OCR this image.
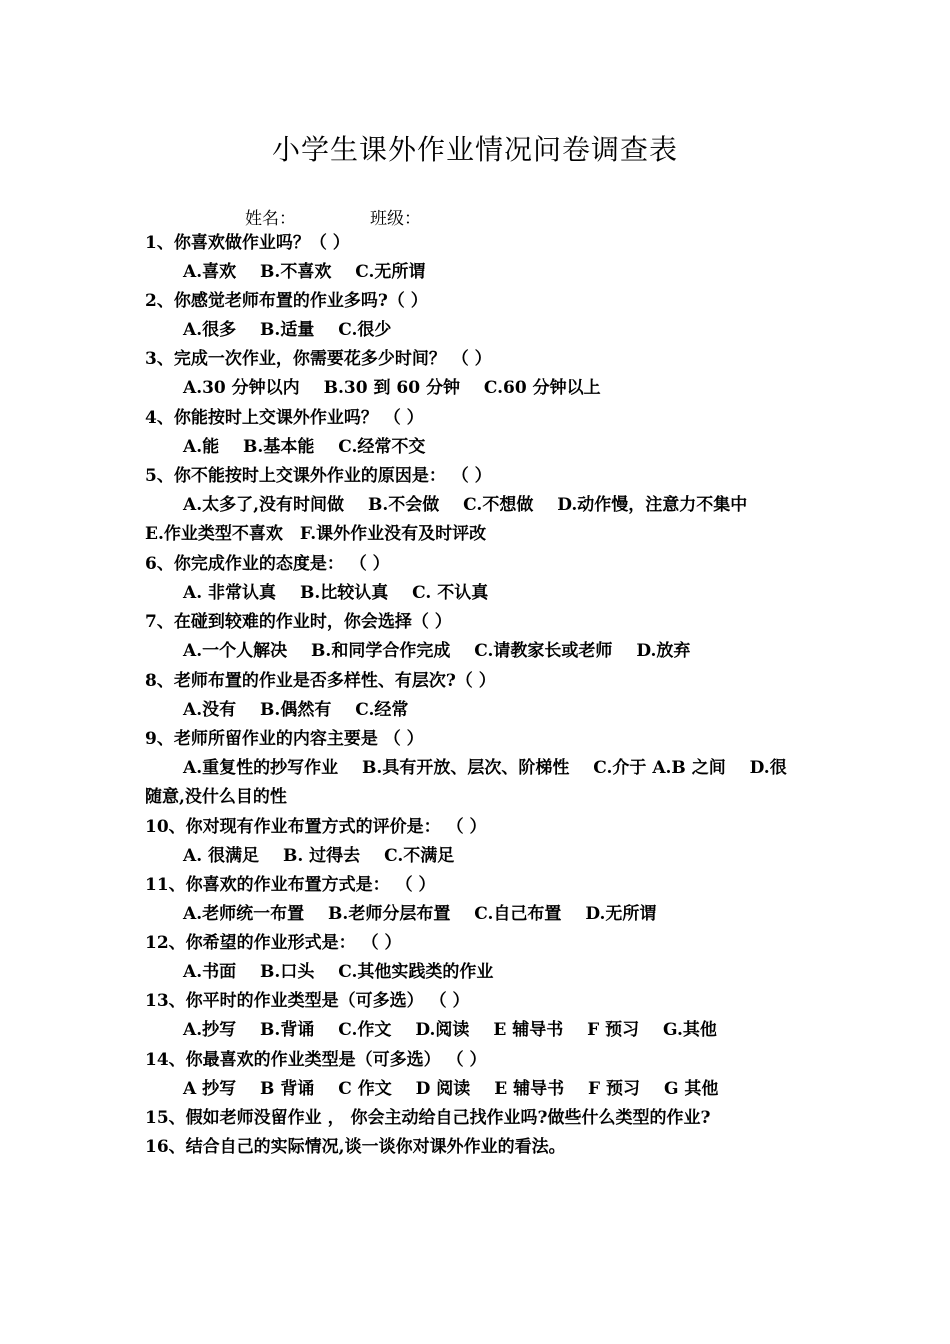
小学生课外作业情况问卷调查表
姓名：	班级：
1、你喜欢做作业吗？（ ）
A.喜欢 B.不喜欢 C.无所谓
2、你感觉老师布置的作业多吗?（ ）
A.很多 B.适量 C.很少
3、完成一次作业，你需要花多少时间？ （ ）
A.30 分钟以内 B.30 到 60 分钟 C.60 分钟以上
4、你能按时上交课外作业吗？ （ ）
A.能 B.基本能 C.经常不交
5、你不能按时上交课外作业的原因是： （ ）
A.太多了,没有时间做 B.不会做 C.不想做 D.动作慢，注意力不集中
E.作业类型不喜欢　F.课外作业没有及时评改
6、你完成作业的态度是： （ ）
A. 非常认真 B.比较认真 C. 不认真
7、在碰到较难的作业时，你会选择（ ）
A.一个人解决 B.和同学合作完成 C.请教家长或老师 D.放弃
8、老师布置的作业是否多样性、有层次?（ ）
A.没有 B.偶然有 C.经常
9、老师所留作业的内容主要是 （ ）
A.重复性的抄写作业 B.具有开放、层次、阶梯性 C.介于 A.B 之间 D.很
随意,没什么目的性
10、你对现有作业布置方式的评价是： （ ）
A. 很满足 B. 过得去 C.不满足
11、你喜欢的作业布置方式是： （ ）
A.老师统一布置 B.老师分层布置 C.自己布置 D.无所谓
12、你希望的作业形式是： （ ）
A.书面 B.口头 C.其他实践类的作业
13、你平时的作业类型是（可多选） （ ）
A.抄写 B.背诵 C.作文 D.阅读 E 辅导书 F 预习 G.其他
14、你最喜欢的作业类型是（可多选） （ ）
A 抄写 B 背诵 C 作文 D 阅读 E 辅导书 F 预习 G 其他
15、假如老师没留作业 ， 你会主动给自己找作业吗?做些什么类型的作业?
16、结合自己的实际情况,谈一谈你对课外作业的看法。
